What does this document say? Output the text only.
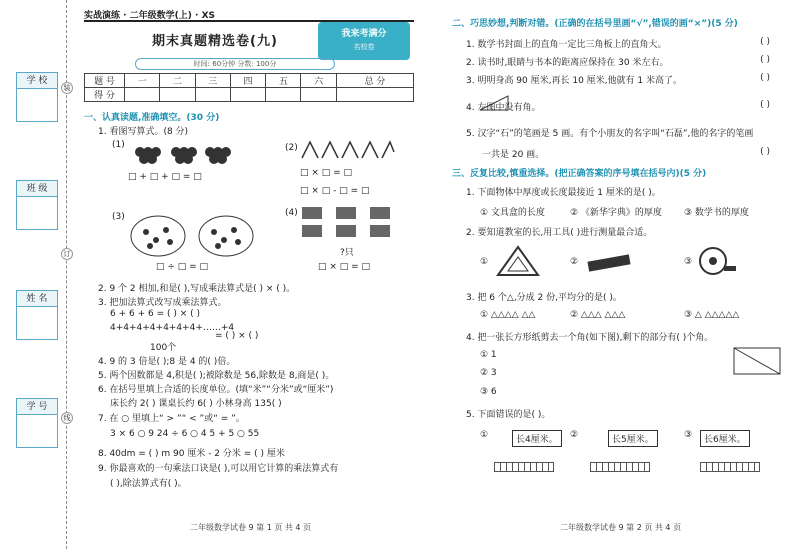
学 校
班 级
姓 名
学 号
装
订
线
实战演练 · 二年级数学(上) · XS
期末真题精选卷(九)	我来考满分
名校卷
时间: 60分钟 分数: 100分
题 号	一	二	三	四	五	六	总 分
得 分							
一、认真读题,准确填空。(30 分)
1. 看图写算式。(8 分)
(1)
□ + □ + □ = □
(2)
□ × □ = □
□ × □ - □ = □
(3)
□ ÷ □ = □
(4)
?只
□ × □ = □
2. 9 个 2 相加,和是( ),写成乘法算式是( ) × ( )。
3. 把加法算式改写成乘法算式。
6 + 6 + 6 = ( ) × ( )
4+4+4+4+4+4+4+……+4
= ( ) × ( )
100个
4. 9 的 3 倍是( );8 是 4 的( )倍。
5. 两个因数都是 4,积是( );被除数是 56,除数是 8,商是( )。
6. 在括号里填上合适的长度单位。(填“米”“分米”或“厘米”)
床长约 2( ) 课桌长约 6( ) 小林身高 135( )
7. 在 ○ 里填上“ > ”“ < ”或“ = ”。
3 × 6 ○ 9 24 ÷ 6 ○ 4 5 + 5 ○ 55
8. 40dm = ( ) m 90 厘米 - 2 分米 = ( ) 厘米
9. 你最喜欢的一句乘法口诀是( ),可以用它计算的乘法算式有
( ),除法算式有( )。
二年级数学试卷 9 第 1 页 共 4 页
二、巧思妙想,判断对错。(正确的在括号里画“√”,错误的画“×”)(5 分)
1. 数学书封面上的直角一定比三角板上的直角大。	( )
2. 读书时,眼睛与书本的距离应保持在 30 米左右。	( )
3. 明明身高 90 厘米,再长 10 厘米,他就有 1 米高了。	( )
4. 左图中没有角。	( )
5. 汉字“石”的笔画是 5 画。有个小朋友的名字叫“石磊”,他的名字的笔画
一共是 20 画。	( )
三、反复比较,慎重选择。(把正确答案的序号填在括号内)(5 分)
1. 下面物体中厚度或长度最接近 1 厘米的是( )。
① 文具盒的长度	② 《新华字典》的厚度 ③ 数学书的厚度
2. 要知道教室的长,用工具( )进行测量最合适。
①	②	③
3. 把 6 个△,分成 2 份,平均分的是( )。
① △△△△ △△	② △△△ △△△	③ △ △△△△△
4. 把一张长方形纸剪去一个角(如下图),剩下的部分有( )个角。
① 1
② 3
③ 6
5. 下面错误的是( )。
①	长4厘米。	②	长5厘米。	③	长6厘米。
二年级数学试卷 9 第 2 页 共 4 页
